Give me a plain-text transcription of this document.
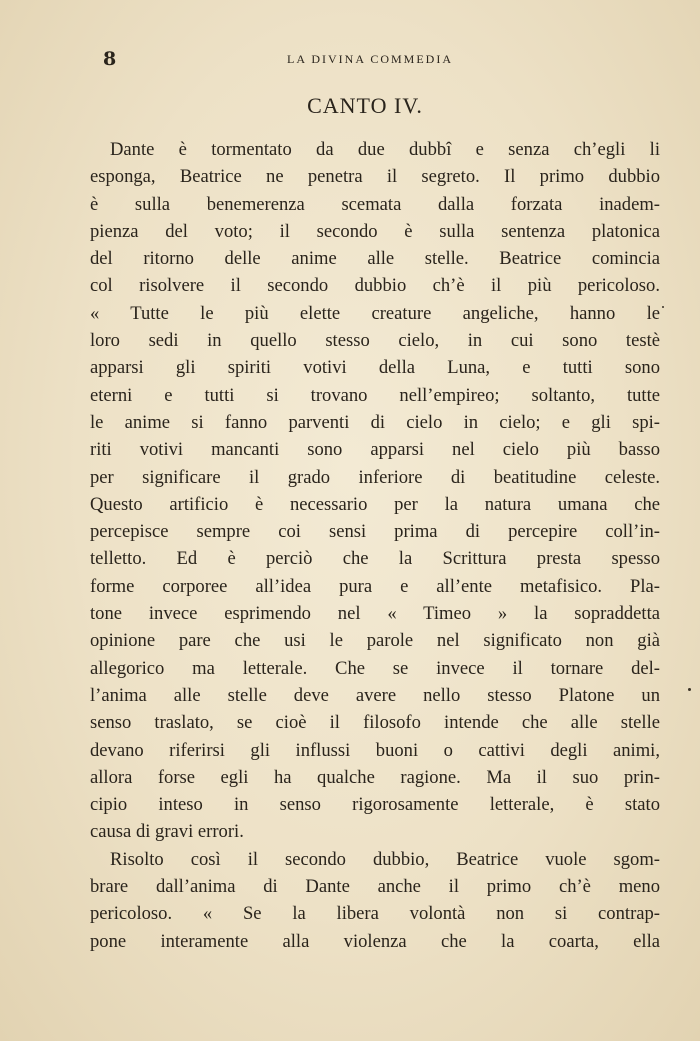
8	LA DIVINA COMMEDIA
CANTO IV.
Dante è tormentato da due dubbî e senza ch’egli li
esponga, Beatrice ne penetra il segreto. Il primo dubbio
è sulla benemerenza scemata dalla forzata inadem-
pienza del voto; il secondo è sulla sentenza platonica
del ritorno delle anime alle stelle. Beatrice comincia
col risolvere il secondo dubbio ch’è il più pericoloso.
« Tutte le più elette creature angeliche, hanno le
loro sedi in quello stesso cielo, in cui sono testè
apparsi gli spiriti votivi della Luna, e tutti sono
eterni e tutti si trovano nell’empireo; soltanto, tutte
le anime si fanno parventi di cielo in cielo; e gli spi-
riti votivi mancanti sono apparsi nel cielo più basso
per significare il grado inferiore di beatitudine celeste.
Questo artificio è necessario per la natura umana che
percepisce sempre coi sensi prima di percepire coll’in-
telletto. Ed è perciò che la Scrittura presta spesso
forme corporee all’idea pura e all’ente metafisico. Pla-
tone invece esprimendo nel « Timeo » la sopraddetta
opinione pare che usi le parole nel significato non già
allegorico ma letterale. Che se invece il tornare del-
l’anima alle stelle deve avere nello stesso Platone un
senso traslato, se cioè il filosofo intende che alle stelle
devano riferirsi gli influssi buoni o cattivi degli animi,
allora forse egli ha qualche ragione. Ma il suo prin-
cipio inteso in senso rigorosamente letterale, è stato
causa di gravi errori.
Risolto così il secondo dubbio, Beatrice vuole sgom-
brare dall’anima di Dante anche il primo ch’è meno
pericoloso. « Se la libera volontà non si contrap-
pone interamente alla violenza che la coarta, ella
